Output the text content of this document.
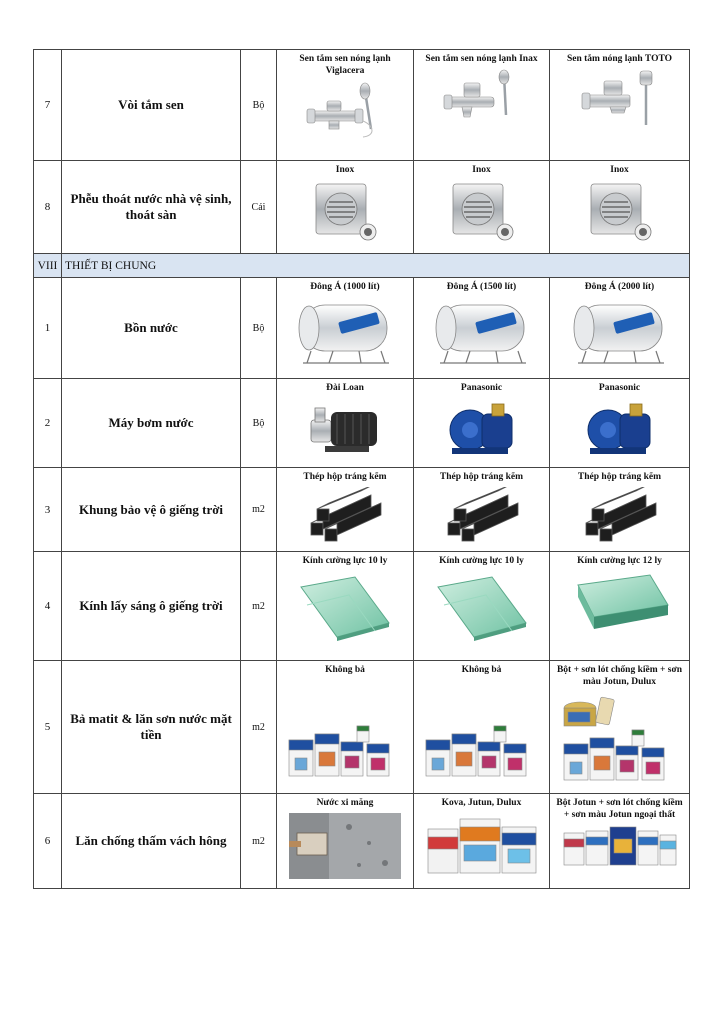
7	Vòi tắm sen	Bộ	Sen tắm sen nóng lạnh Viglacera	Sen tắm sen nóng lạnh Inax	Sen tắm nóng lạnh TOTO

8	Phễu thoát nước nhà vệ sinh, thoát sàn	Cái	Inox	Inox	Inox

VIII	THIẾT BỊ CHUNG				
1	Bồn nước	Bộ	Đông Á (1000 lít)	Đông Á (1500 lít)	Đông Á (2000 lít)

2	Máy bơm nước	Bộ	Đài Loan	Panasonic	Panasonic

3	Khung bảo vệ ô giếng trời	m2	Thép hộp tráng kẽm	Thép hộp tráng kẽm	Thép hộp tráng kẽm

4	Kính lấy sáng ô giếng trời	m2	Kính cường lực 10 ly	Kính cường lực 10 ly	Kính cường lực 12 ly

5	Bả matit & lăn sơn nước mặt tiền	m2	Không bả	Không bả	Bột + sơn lót chống kiềm + sơn màu Jotun, Dulux

6	Lăn chống thấm vách hông	m2	Nước xi măng	Kova, Jutun, Dulux	Bột Jotun + sơn lót chống kiềm + sơn màu Jotun ngoại thất
